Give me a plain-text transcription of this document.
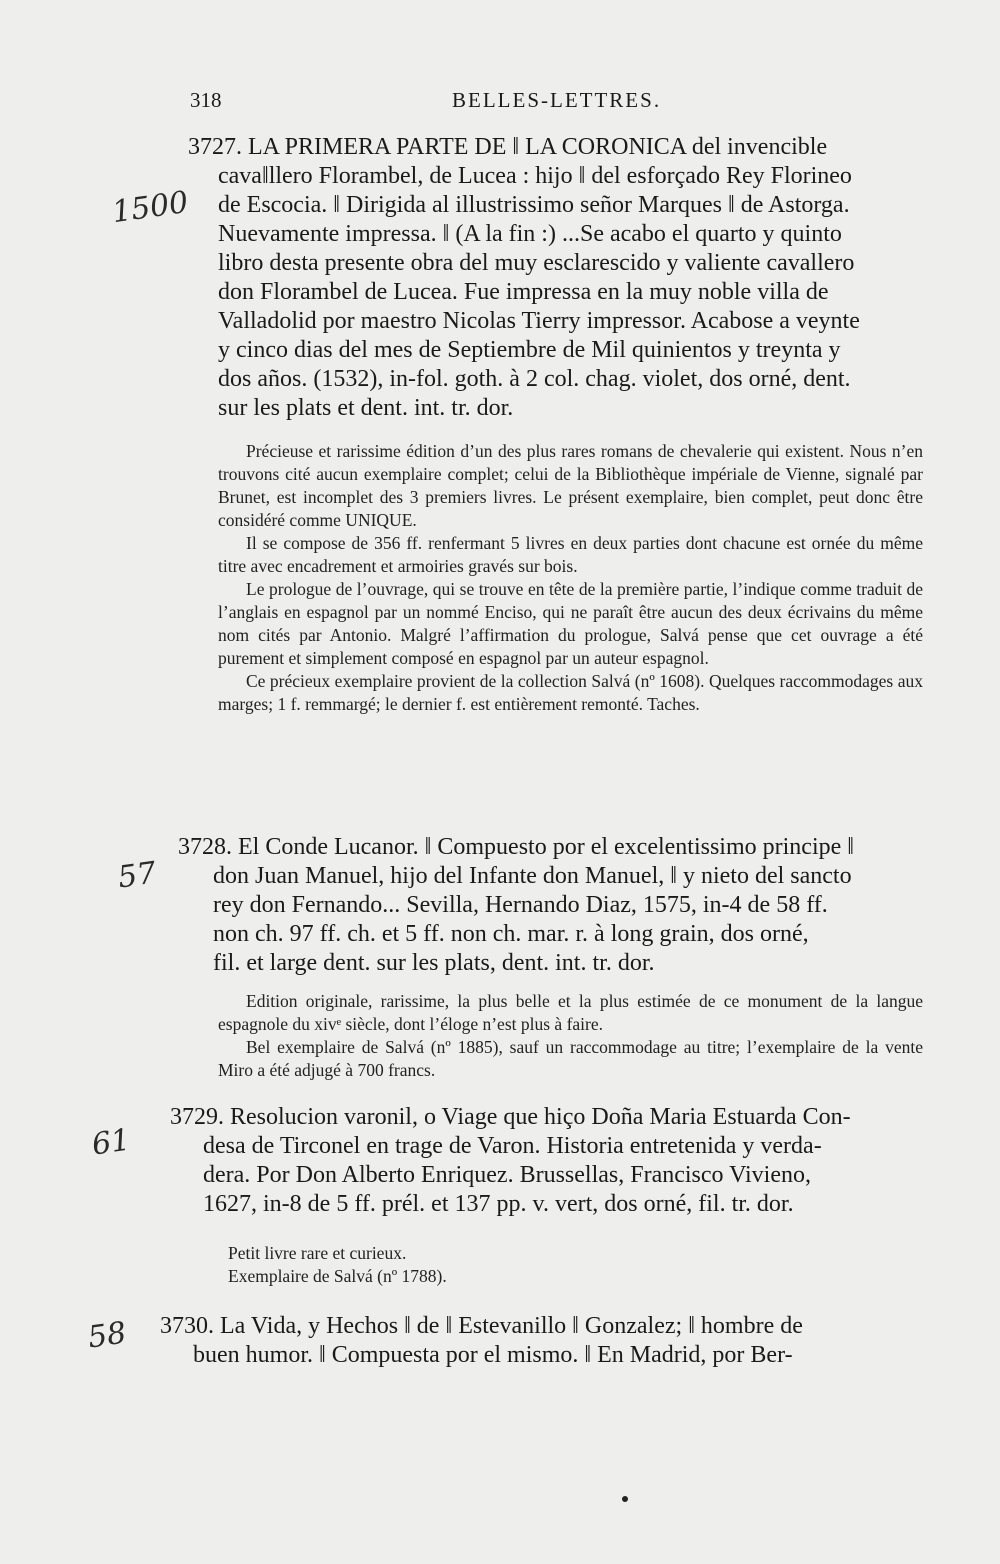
318	BELLES-LETTRES.
1500
57
61
58
3727. LA PRIMERA PARTE DE ‖ LA CORONICA del invencible
cava‖llero Florambel, de Lucea : hijo ‖ del esforçado Rey Florineo
de Escocia. ‖ Dirigida al illustrissimo señor Marques ‖ de Astorga.
Nuevamente impressa. ‖ (A la fin :) ...Se acabo el quarto y quinto
libro desta presente obra del muy esclarescido y valiente cavallero
don Florambel de Lucea. Fue impressa en la muy noble villa de
Valladolid por maestro Nicolas Tierry impressor. Acabose a veynte
y cinco dias del mes de Septiembre de Mil quinientos y treynta y
dos años. (1532), in-fol. goth. à 2 col. chag. violet, dos orné, dent.
sur les plats et dent. int. tr. dor.

Précieuse et rarissime édition d’un des plus rares romans de chevalerie qui existent. Nous n’en trouvons cité aucun exemplaire complet; celui de la Bibliothèque impériale de Vienne, signalé par Brunet, est incomplet des 3 premiers livres. Le présent exemplaire, bien complet, peut donc être considéré comme UNIQUE.

Il se compose de 356 ff. renfermant 5 livres en deux parties dont chacune est ornée du même titre avec encadrement et armoiries gravés sur bois.

Le prologue de l’ouvrage, qui se trouve en tête de la première partie, l’indique comme traduit de l’anglais en espagnol par un nommé Enciso, qui ne paraît être aucun des deux écrivains du même nom cités par Antonio. Malgré l’affirmation du prologue, Salvá pense que cet ouvrage a été purement et simplement composé en espagnol par un auteur espagnol.

Ce précieux exemplaire provient de la collection Salvá (nº 1608). Quelques raccommodages aux marges; 1 f. remmargé; le dernier f. est entièrement remonté. Taches.

3728. El Conde Lucanor. ‖ Compuesto por el excelentissimo principe ‖
don Juan Manuel, hijo del Infante don Manuel, ‖ y nieto del sancto
rey don Fernando... Sevilla, Hernando Diaz, 1575, in-4 de 58 ff.
non ch. 97 ff. ch. et 5 ff. non ch. mar. r. à long grain, dos orné,
fil. et large dent. sur les plats, dent. int. tr. dor.

Edition originale, rarissime, la plus belle et la plus estimée de ce monument de la langue espagnole du xivᵉ siècle, dont l’éloge n’est plus à faire.

Bel exemplaire de Salvá (nº 1885), sauf un raccommodage au titre; l’exemplaire de la vente Miro a été adjugé à 700 francs.

3729. Resolucion varonil, o Viage que hiço Doña Maria Estuarda Con-
desa de Tirconel en trage de Varon. Historia entretenida y verda-
dera. Por Don Alberto Enriquez. Brussellas, Francisco Vivieno,
1627, in-8 de 5 ff. prél. et 137 pp. v. vert, dos orné, fil. tr. dor.

Petit livre rare et curieux.

Exemplaire de Salvá (nº 1788).

3730. La Vida, y Hechos ‖ de ‖ Estevanillo ‖ Gonzalez; ‖ hombre de
buen humor. ‖ Compuesta por el mismo. ‖ En Madrid, por Ber-
